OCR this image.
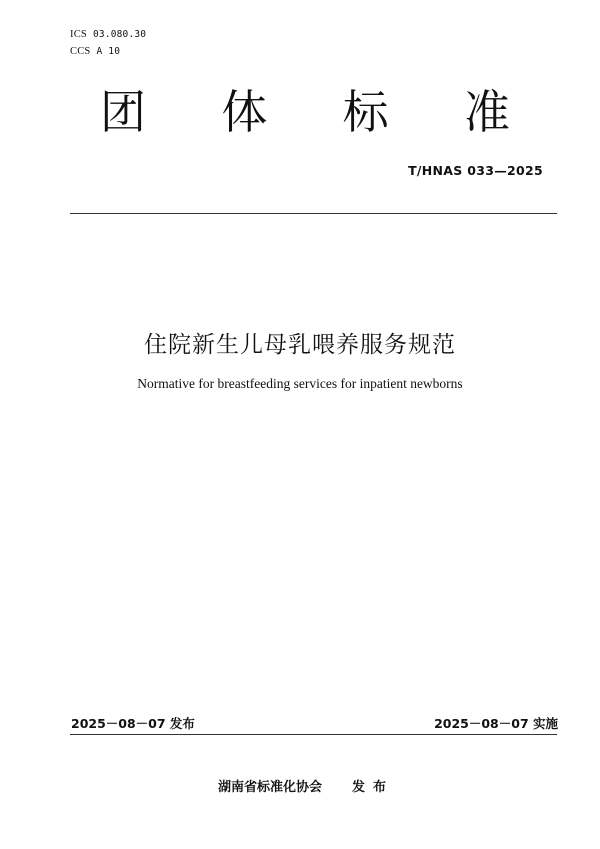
ICS 03.080.30
CCS A 10
团 体 标 准
T/HNAS 033—2025
住院新生儿母乳喂养服务规范
Normative for breastfeeding services for inpatient newborns
2025－08－07 发布	2025－08－07 实施
湖南省标准化协会 发布
